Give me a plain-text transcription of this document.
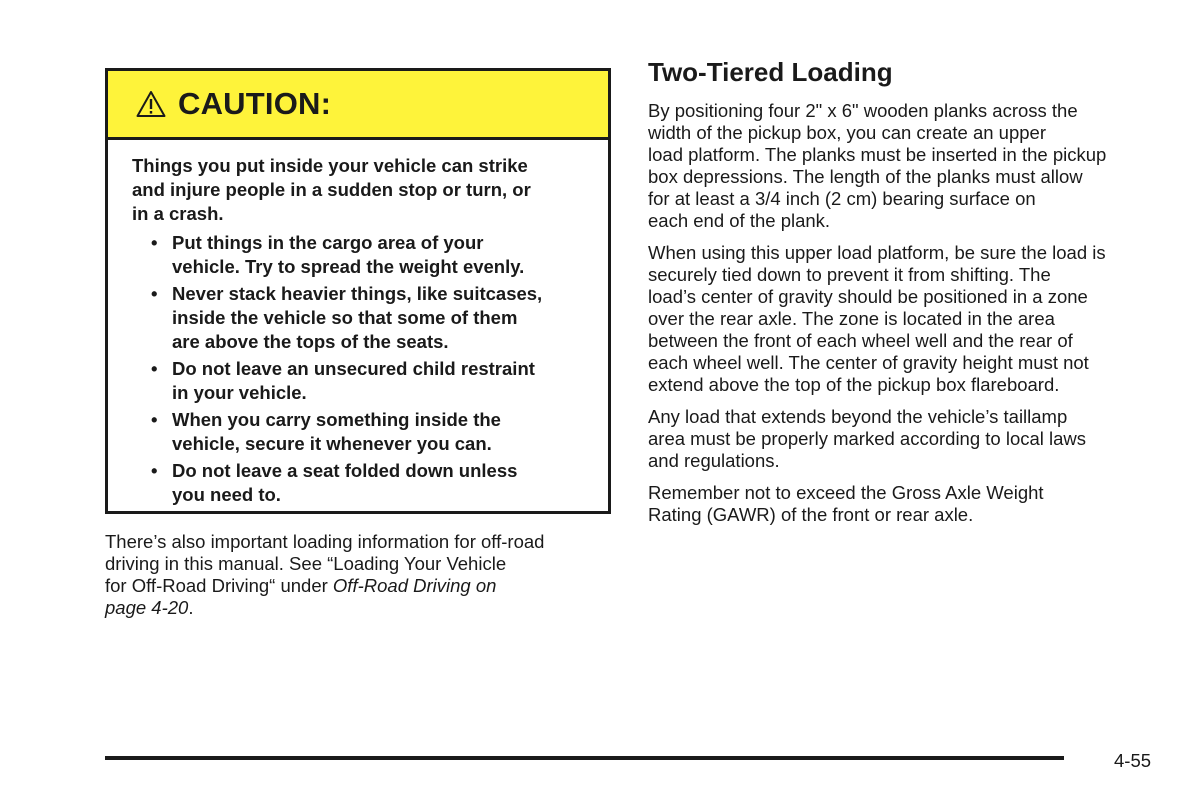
CAUTION:

Things you put inside your vehicle can strike
and injure people in a sudden stop or turn, or
in a crash.

• Put things in the cargo area of your
vehicle. Try to spread the weight evenly.
• Never stack heavier things, like suitcases,
inside the vehicle so that some of them
are above the tops of the seats.
• Do not leave an unsecured child restraint
in your vehicle.
• When you carry something inside the
vehicle, secure it whenever you can.
• Do not leave a seat folded down unless
you need to.

There’s also important loading information for off-road
driving in this manual. See “Loading Your Vehicle
for Off-Road Driving“ under Off-Road Driving on
page 4-20.

Two-Tiered Loading

By positioning four 2" x 6" wooden planks across the
width of the pickup box, you can create an upper
load platform. The planks must be inserted in the pickup
box depressions. The length of the planks must allow
for at least a 3/4 inch (2 cm) bearing surface on
each end of the plank.

When using this upper load platform, be sure the load is
securely tied down to prevent it from shifting. The
load’s center of gravity should be positioned in a zone
over the rear axle. The zone is located in the area
between the front of each wheel well and the rear of
each wheel well. The center of gravity height must not
extend above the top of the pickup box flareboard.

Any load that extends beyond the vehicle’s taillamp
area must be properly marked according to local laws
and regulations.

Remember not to exceed the Gross Axle Weight
Rating (GAWR) of the front or rear axle.

4-55
